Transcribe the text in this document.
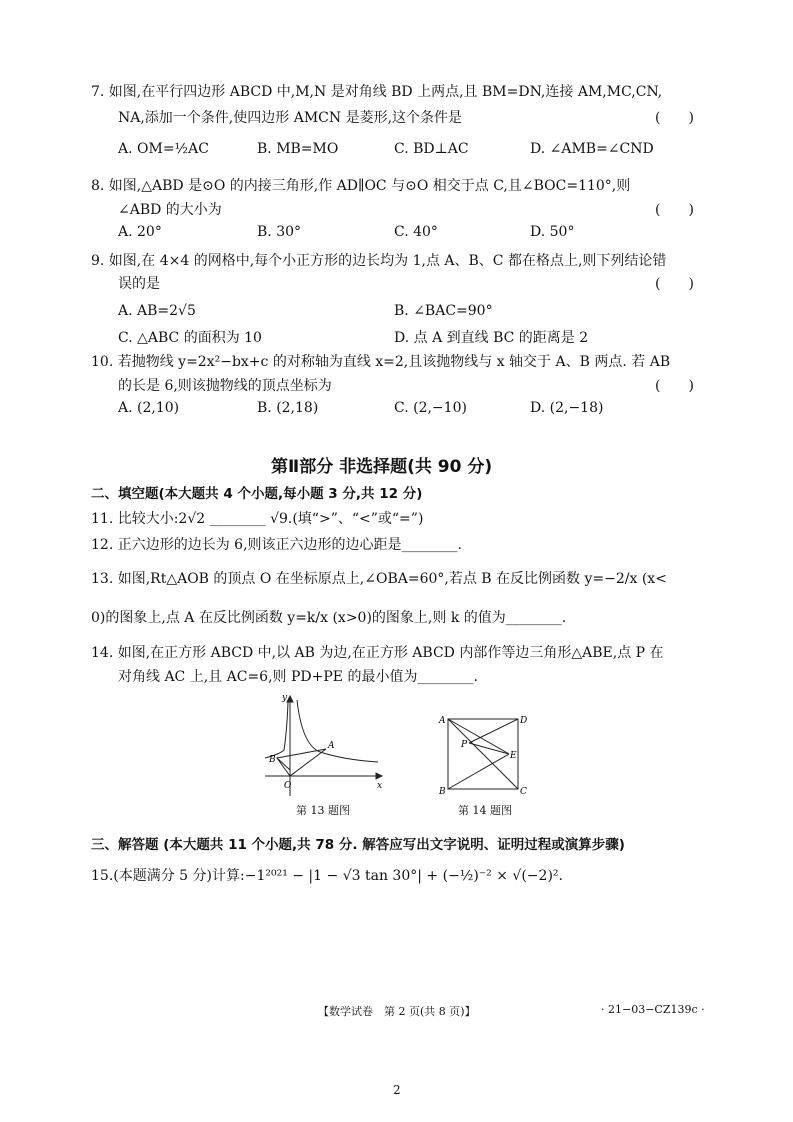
7. 如图,在平行四边形 ABCD 中,M,N 是对角线 BD 上两点,且 BM=DN,连接 AM,MC,CN,
NA,添加一个条件,使四边形 AMCN 是菱形,这个条件是	(　　)
A. OM=½AC	B. MB=MO	C. BD⊥AC	D. ∠AMB=∠CND
8. 如图,△ABD 是⊙O 的内接三角形,作 AD∥OC 与⊙O 相交于点 C,且∠BOC=110°,则
∠ABD 的大小为	(　　)
A. 20°	B. 30°	C. 40°	D. 50°
9. 如图,在 4×4 的网格中,每个小正方形的边长均为 1,点 A、B、C 都在格点上,则下列结论错
误的是	(　　)
A. AB=2√5	B. ∠BAC=90°
C. △ABC 的面积为 10	D. 点 A 到直线 BC 的距离是 2
10. 若抛物线 y=2x²−bx+c 的对称轴为直线 x=2,且该抛物线与 x 轴交于 A、B 两点. 若 AB
的长是 6,则该抛物线的顶点坐标为	(　　)
A. (2,10)	B. (2,18)	C. (2,−10)	D. (2,−18)
第Ⅱ部分 非选择题(共 90 分)
二、填空题(本大题共 4 个小题,每小题 3 分,共 12 分)
11. 比较大小:2√2 ________ √9.(填“>”、“<”或“=”)
12. 正六边形的边长为 6,则该正六边形的边心距是________.
13. 如图,Rt△AOB 的顶点 O 在坐标原点上,∠OBA=60°,若点 B 在反比例函数 y=−2/x (x<
0)的图象上,点 A 在反比例函数 y=k/x (x>0)的图象上,则 k 的值为________.
14. 如图,在正方形 ABCD 中,以 AB 为边,在正方形 ABCD 内部作等边三角形△ABE,点 P 在
对角线 AC 上,且 AC=6,则 PD+PE 的最小值为________.
y
x
O
A
B
第 13 题图
A	D
B	C
P
E
第 14 题图
三、解答题 (本大题共 11 个小题,共 78 分. 解答应写出文字说明、证明过程或演算步骤)
15.(本题满分 5 分)计算:−1²⁰²¹ − |1 − √3 tan 30°| + (−½)⁻² × √(−2)².
【数学试卷　第 2 页(共 8 页)】	· 21−03−CZ139c ·
2
